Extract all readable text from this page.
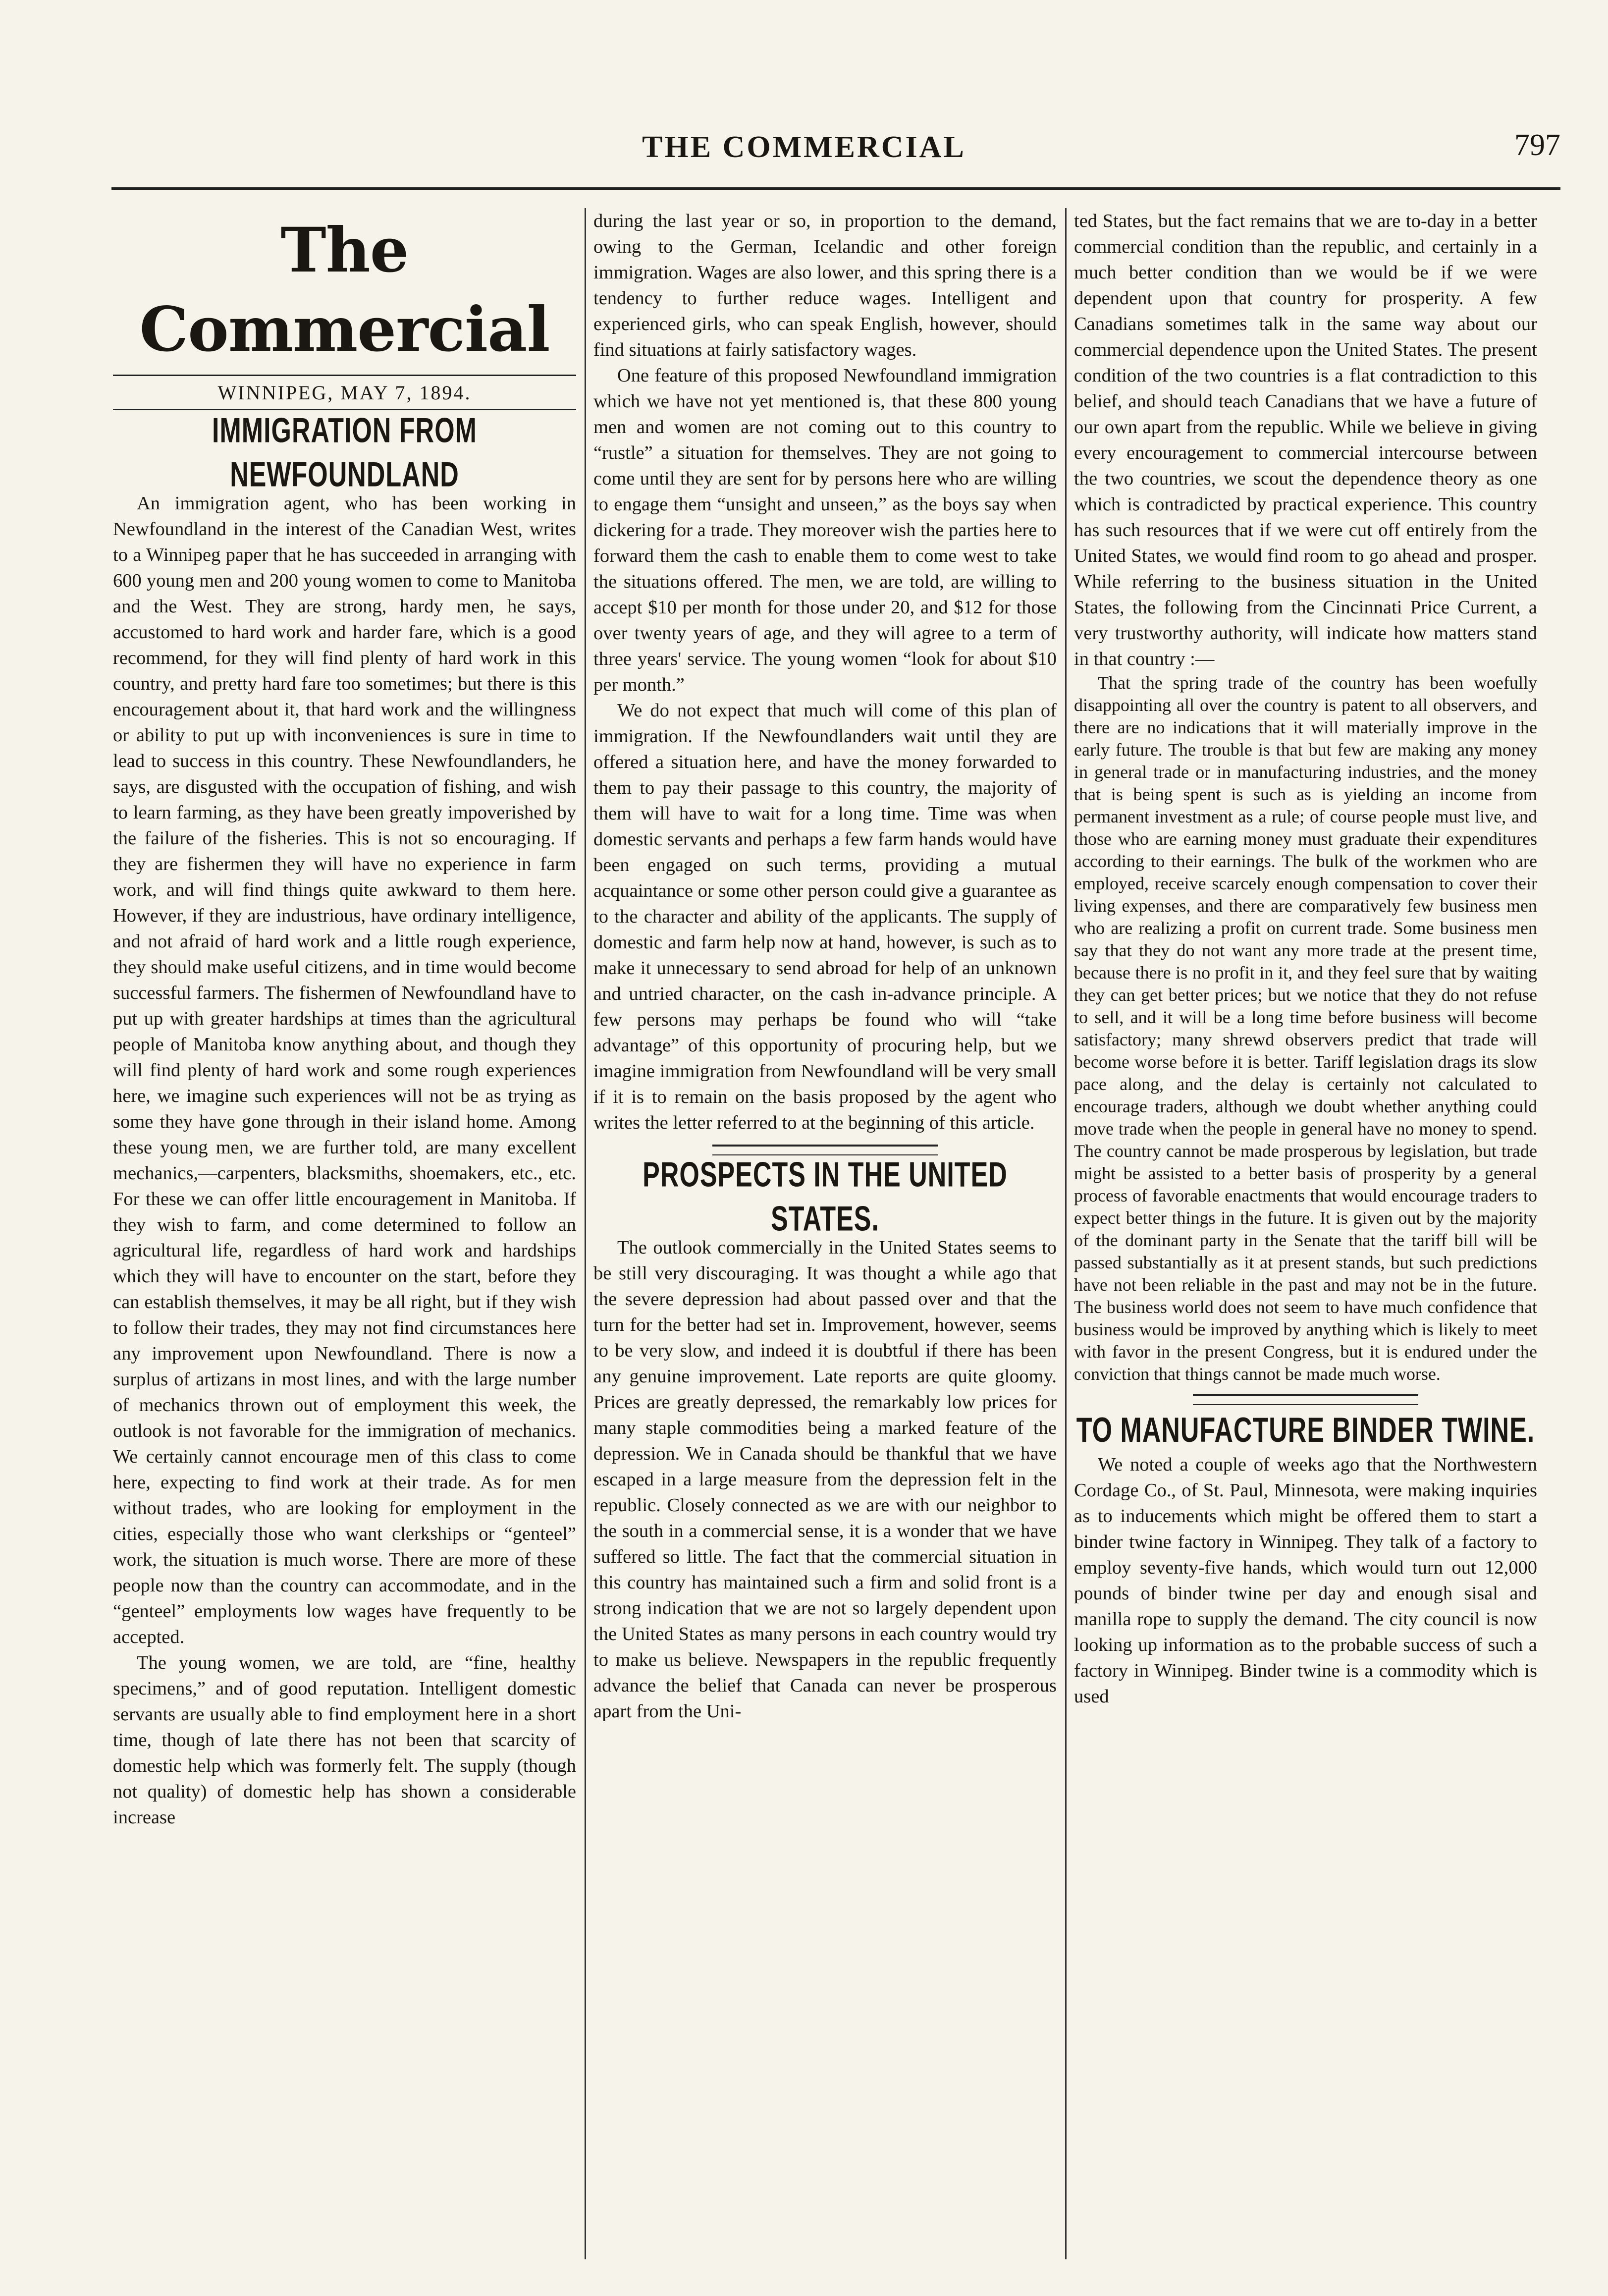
THE COMMERCIAL	797
The Commercial
WINNIPEG, MAY 7, 1894.
IMMIGRATION FROM NEWFOUNDLAND

An immigration agent, who has been working in Newfoundland in the interest of the Canadian West, writes to a Winnipeg paper that he has succeeded in arranging with 600 young men and 200 young women to come to Manitoba and the West. They are strong, hardy men, he says, accustomed to hard work and harder fare, which is a good recommend, for they will find plenty of hard work in this country, and pretty hard fare too sometimes; but there is this encouragement about it, that hard work and the willingness or ability to put up with inconveniences is sure in time to lead to success in this country. These Newfoundlanders, he says, are disgusted with the occupation of fishing, and wish to learn farming, as they have been greatly impoverished by the failure of the fisheries. This is not so encouraging. If they are fishermen they will have no experience in farm work, and will find things quite awkward to them here. However, if they are industrious, have ordinary intelligence, and not afraid of hard work and a little rough experience, they should make useful citizens, and in time would become successful farmers. The fishermen of Newfoundland have to put up with greater hardships at times than the agricultural people of Manitoba know anything about, and though they will find plenty of hard work and some rough experiences here, we imagine such experiences will not be as trying as some they have gone through in their island home. Among these young men, we are further told, are many excellent mechanics,—carpenters, blacksmiths, shoemakers, etc., etc. For these we can offer little encouragement in Manitoba. If they wish to farm, and come determined to follow an agricultural life, regardless of hard work and hardships which they will have to encounter on the start, before they can establish themselves, it may be all right, but if they wish to follow their trades, they may not find circumstances here any improvement upon Newfoundland. There is now a surplus of artizans in most lines, and with the large number of mechanics thrown out of employment this week, the outlook is not favorable for the immigration of mechanics. We certainly cannot encourage men of this class to come here, expecting to find work at their trade. As for men without trades, who are looking for employment in the cities, especially those who want clerkships or “genteel” work, the situation is much worse. There are more of these people now than the country can accommodate, and in the “genteel” employments low wages have frequently to be accepted.

The young women, we are told, are “fine, healthy specimens,” and of good reputation. Intelligent domestic servants are usually able to find employment here in a short time, though of late there has not been that scarcity of domestic help which was formerly felt. The supply (though not quality) of domestic help has shown a considerable increase

during the last year or so, in proportion to the demand, owing to the German, Icelandic and other foreign immigration. Wages are also lower, and this spring there is a tendency to further reduce wages. Intelligent and experienced girls, who can speak English, however, should find situations at fairly satisfactory wages.

One feature of this proposed Newfoundland immigration which we have not yet mentioned is, that these 800 young men and women are not coming out to this country to “rustle” a situation for themselves. They are not going to come until they are sent for by persons here who are willing to engage them “unsight and unseen,” as the boys say when dickering for a trade. They moreover wish the parties here to forward them the cash to enable them to come west to take the situations offered. The men, we are told, are willing to accept $10 per month for those under 20, and $12 for those over twenty years of age, and they will agree to a term of three years' service. The young women “look for about $10 per month.”

We do not expect that much will come of this plan of immigration. If the Newfoundlanders wait until they are offered a situation here, and have the money forwarded to them to pay their passage to this country, the majority of them will have to wait for a long time. Time was when domestic servants and perhaps a few farm hands would have been engaged on such terms, providing a mutual acquaintance or some other person could give a guarantee as to the character and ability of the applicants. The supply of domestic and farm help now at hand, however, is such as to make it unnecessary to send abroad for help of an unknown and untried character, on the cash in-advance principle. A few persons may perhaps be found who will “take advantage” of this opportunity of procuring help, but we imagine immigration from Newfoundland will be very small if it is to remain on the basis proposed by the agent who writes the letter referred to at the beginning of this article.

PROSPECTS IN THE UNITED STATES.

The outlook commercially in the United States seems to be still very discouraging. It was thought a while ago that the severe depression had about passed over and that the turn for the better had set in. Improvement, however, seems to be very slow, and indeed it is doubtful if there has been any genuine improvement. Late reports are quite gloomy. Prices are greatly depressed, the remarkably low prices for many staple commodities being a marked feature of the depression. We in Canada should be thankful that we have escaped in a large measure from the depression felt in the republic. Closely connected as we are with our neighbor to the south in a commercial sense, it is a wonder that we have suffered so little. The fact that the commercial situation in this country has maintained such a firm and solid front is a strong indication that we are not so largely dependent upon the United States as many persons in each country would try to make us believe. Newspapers in the republic frequently advance the belief that Canada can never be prosperous apart from the Uni-

ted States, but the fact remains that we are to-day in a better commercial condition than the republic, and certainly in a much better condition than we would be if we were dependent upon that country for prosperity. A few Canadians sometimes talk in the same way about our commercial dependence upon the United States. The present condition of the two countries is a flat contradiction to this belief, and should teach Canadians that we have a future of our own apart from the republic. While we believe in giving every encouragement to commercial intercourse between the two countries, we scout the dependence theory as one which is contradicted by practical experience. This country has such resources that if we were cut off entirely from the United States, we would find room to go ahead and prosper. While referring to the business situation in the United States, the following from the Cincinnati Price Current, a very trustworthy authority, will indicate how matters stand in that country :—

That the spring trade of the country has been woefully disappointing all over the country is patent to all observers, and there are no indications that it will materially improve in the early future. The trouble is that but few are making any money in general trade or in manufacturing industries, and the money that is being spent is such as is yielding an income from permanent investment as a rule; of course people must live, and those who are earning money must graduate their expenditures according to their earnings. The bulk of the workmen who are employed, receive scarcely enough compensation to cover their living expenses, and there are comparatively few business men who are realizing a profit on current trade. Some business men say that they do not want any more trade at the present time, because there is no profit in it, and they feel sure that by waiting they can get better prices; but we notice that they do not refuse to sell, and it will be a long time before business will become satisfactory; many shrewd observers predict that trade will become worse before it is better. Tariff legislation drags its slow pace along, and the delay is certainly not calculated to encourage traders, although we doubt whether anything could move trade when the people in general have no money to spend. The country cannot be made prosperous by legislation, but trade might be assisted to a better basis of prosperity by a general process of favorable enactments that would encourage traders to expect better things in the future. It is given out by the majority of the dominant party in the Senate that the tariff bill will be passed substantially as it at present stands, but such predictions have not been reliable in the past and may not be in the future. The business world does not seem to have much confidence that business would be improved by anything which is likely to meet with favor in the present Congress, but it is endured under the conviction that things cannot be made much worse.
TO MANUFACTURE BINDER TWINE.

We noted a couple of weeks ago that the Northwestern Cordage Co., of St. Paul, Minnesota, were making inquiries as to inducements which might be offered them to start a binder twine factory in Winnipeg. They talk of a factory to employ seventy-five hands, which would turn out 12,000 pounds of binder twine per day and enough sisal and manilla rope to supply the demand. The city council is now looking up information as to the probable success of such a factory in Winnipeg. Binder twine is a commodity which is used
